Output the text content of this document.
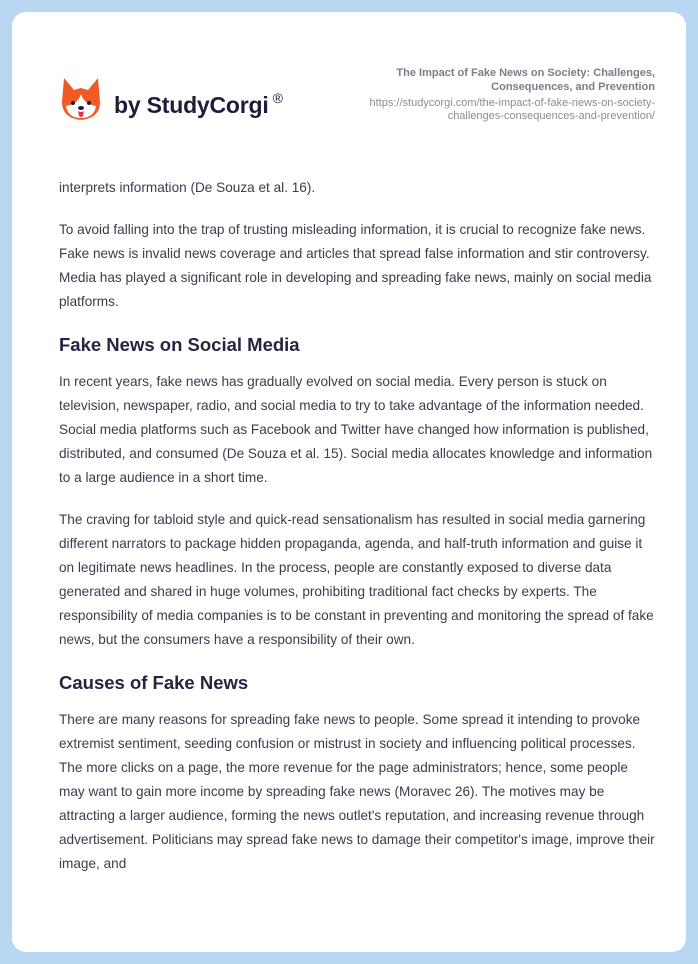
by StudyCorgi ®
The Impact of Fake News on Society: Challenges,
Consequences, and Prevention
https://studycorgi.com/the-impact-of-fake-news-on-society-
challenges-consequences-and-prevention/

interprets information (De Souza et al. 16).

To avoid falling into the trap of trusting misleading information, it is crucial to recognize fake news. Fake news is invalid news coverage and articles that spread false information and stir controversy. Media has played a significant role in developing and spreading fake news, mainly on social media platforms.

Fake News on Social Media

In recent years, fake news has gradually evolved on social media. Every person is stuck on television, newspaper, radio, and social media to try to take advantage of the information needed. Social media platforms such as Facebook and Twitter have changed how information is published, distributed, and consumed (De Souza et al. 15). Social media allocates knowledge and information to a large audience in a short time.

The craving for tabloid style and quick-read sensationalism has resulted in social media garnering different narrators to package hidden propaganda, agenda, and half-truth information and guise it on legitimate news headlines. In the process, people are constantly exposed to diverse data generated and shared in huge volumes, prohibiting traditional fact checks by experts. The responsibility of media companies is to be constant in preventing and monitoring the spread of fake news, but the consumers have a responsibility of their own.

Causes of Fake News

There are many reasons for spreading fake news to people. Some spread it intending to provoke extremist sentiment, seeding confusion or mistrust in society and influencing political processes. The more clicks on a page, the more revenue for the page administrators; hence, some people may want to gain more income by spreading fake news (Moravec 26). The motives may be attracting a larger audience, forming the news outlet's reputation, and increasing revenue through advertisement. Politicians may spread fake news to damage their competitor's image, improve their image, and
